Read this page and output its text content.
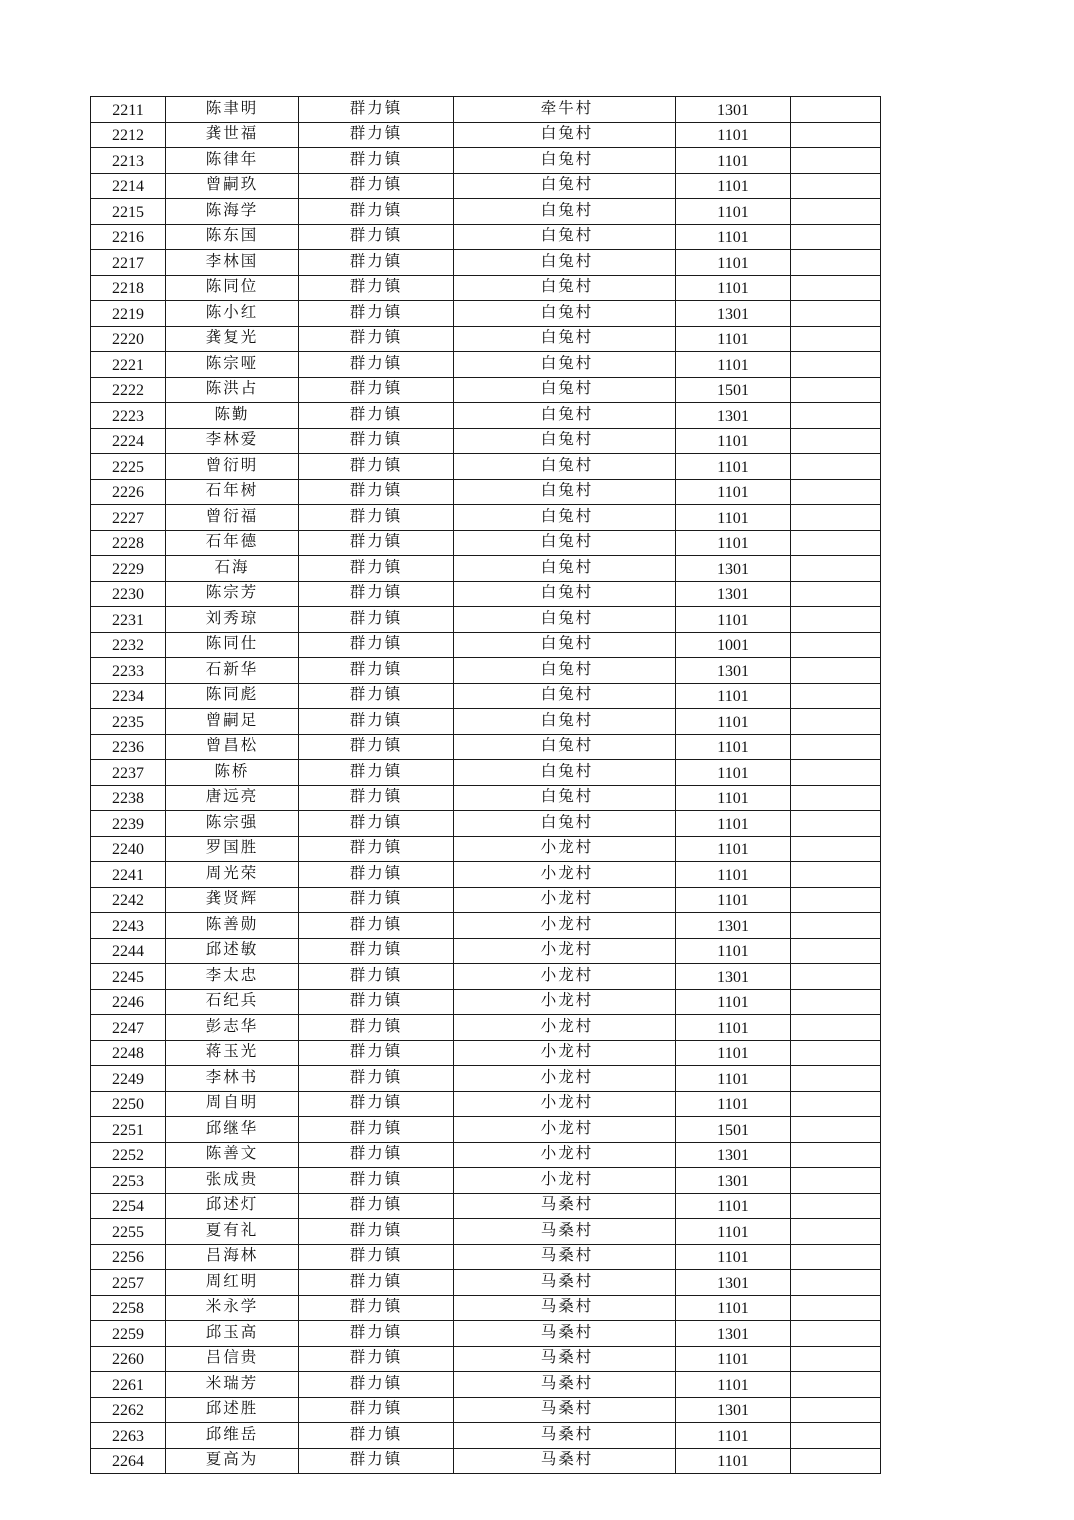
2211	陈聿明	群力镇	牵牛村	1301	
2212	龚世福	群力镇	白兔村	1101	
2213	陈律年	群力镇	白兔村	1101	
2214	曾嗣玖	群力镇	白兔村	1101	
2215	陈海学	群力镇	白兔村	1101	
2216	陈东国	群力镇	白兔村	1101	
2217	李林国	群力镇	白兔村	1101	
2218	陈同位	群力镇	白兔村	1101	
2219	陈小红	群力镇	白兔村	1301	
2220	龚复光	群力镇	白兔村	1101	
2221	陈宗哑	群力镇	白兔村	1101	
2222	陈洪占	群力镇	白兔村	1501	
2223	陈勤	群力镇	白兔村	1301	
2224	李林爱	群力镇	白兔村	1101	
2225	曾衍明	群力镇	白兔村	1101	
2226	石年树	群力镇	白兔村	1101	
2227	曾衍福	群力镇	白兔村	1101	
2228	石年德	群力镇	白兔村	1101	
2229	石海	群力镇	白兔村	1301	
2230	陈宗芳	群力镇	白兔村	1301	
2231	刘秀琼	群力镇	白兔村	1101	
2232	陈同仕	群力镇	白兔村	1001	
2233	石新华	群力镇	白兔村	1301	
2234	陈同彪	群力镇	白兔村	1101	
2235	曾嗣足	群力镇	白兔村	1101	
2236	曾昌松	群力镇	白兔村	1101	
2237	陈桥	群力镇	白兔村	1101	
2238	唐远亮	群力镇	白兔村	1101	
2239	陈宗强	群力镇	白兔村	1101	
2240	罗国胜	群力镇	小龙村	1101	
2241	周光荣	群力镇	小龙村	1101	
2242	龚贤辉	群力镇	小龙村	1101	
2243	陈善勋	群力镇	小龙村	1301	
2244	邱述敏	群力镇	小龙村	1101	
2245	李太忠	群力镇	小龙村	1301	
2246	石纪兵	群力镇	小龙村	1101	
2247	彭志华	群力镇	小龙村	1101	
2248	蒋玉光	群力镇	小龙村	1101	
2249	李林书	群力镇	小龙村	1101	
2250	周自明	群力镇	小龙村	1101	
2251	邱继华	群力镇	小龙村	1501	
2252	陈善文	群力镇	小龙村	1301	
2253	张成贵	群力镇	小龙村	1301	
2254	邱述灯	群力镇	马桑村	1101	
2255	夏有礼	群力镇	马桑村	1101	
2256	吕海林	群力镇	马桑村	1101	
2257	周红明	群力镇	马桑村	1301	
2258	米永学	群力镇	马桑村	1101	
2259	邱玉高	群力镇	马桑村	1301	
2260	吕信贵	群力镇	马桑村	1101	
2261	米瑞芳	群力镇	马桑村	1101	
2262	邱述胜	群力镇	马桑村	1301	
2263	邱维岳	群力镇	马桑村	1101	
2264	夏高为	群力镇	马桑村	1101	
